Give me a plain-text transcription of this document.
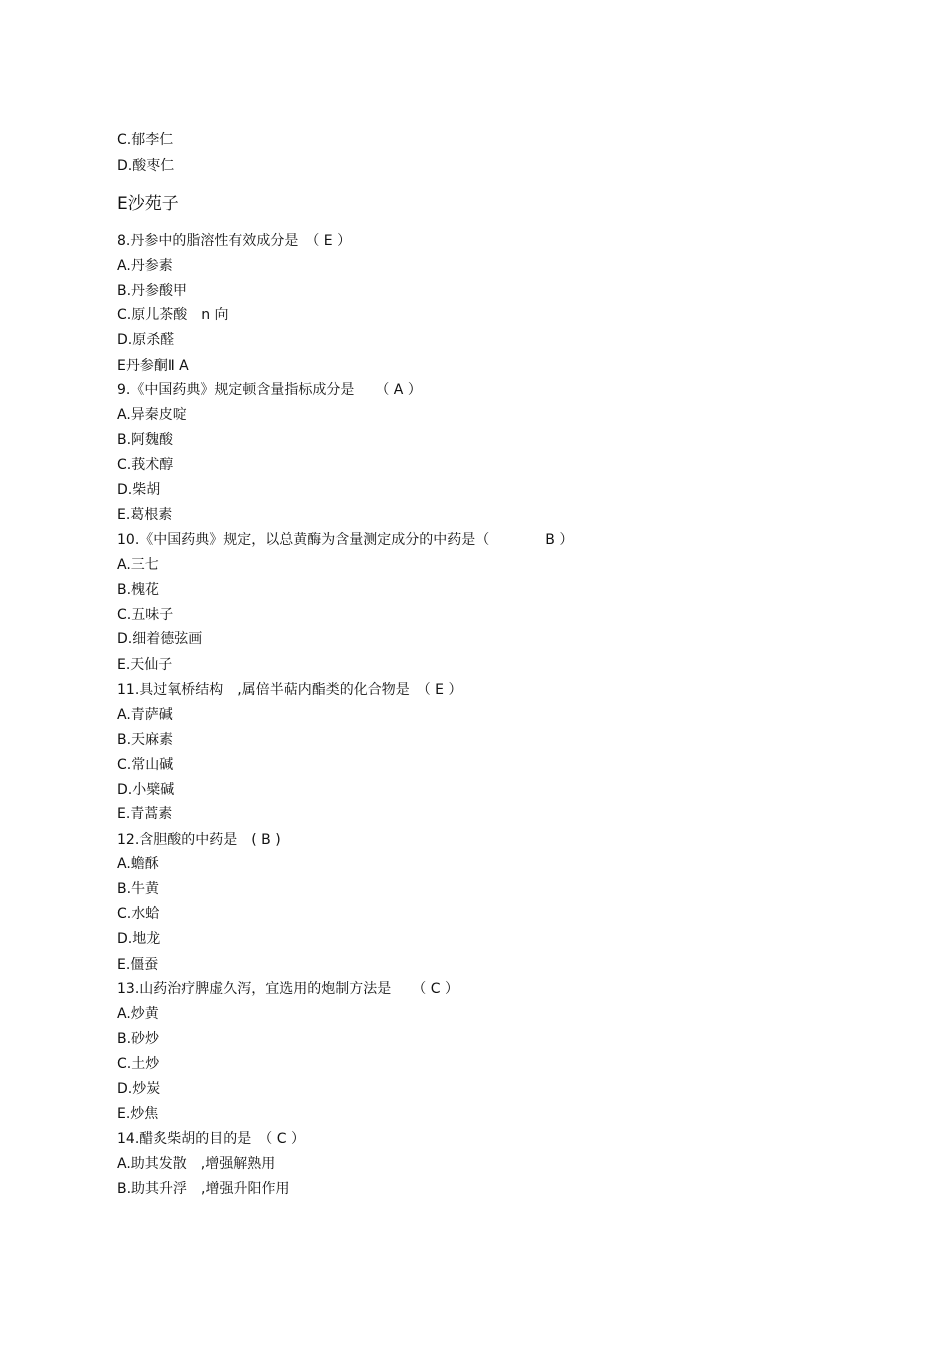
C.郁李仁
D.酸枣仁
E沙苑子
8.丹参中的脂溶性有效成分是　（ E ）
A.丹参素
B.丹参酸甲
C.原儿茶酸　n 向
D.原杀醛
E丹参酮Ⅱ A
9.《中国药典》规定顿含量指标成分是　　（ A ）
A.异秦皮啶
B.阿魏酸
C.莪术醇
D.柴胡
E.葛根素
10.《中国药典》规定，以总黄酶为含量测定成分的中药是（　　　　B ）
A.三七
B.槐花
C.五味子
D.细着德弦画
E.天仙子
11.具过氧桥结构　,属倍半萜内酯类的化合物是　（ E ）
A.青萨碱
B.天麻素
C.常山碱
D.小檗碱
E.青蒿素
12.含胆酸的中药是　( B )
A.蟾酥
B.牛黄
C.水蛤
D.地龙
E.僵蚕
13.山药治疗脾虚久泻，宜选用的炮制方法是　　（ C ）
A.炒黄
B.砂炒
C.土炒
D.炒炭
E.炒焦
14.醋炙柴胡的目的是　（ C ）
A.助其发散　,增强解熟用
B.助其升浮　,增强升阳作用
